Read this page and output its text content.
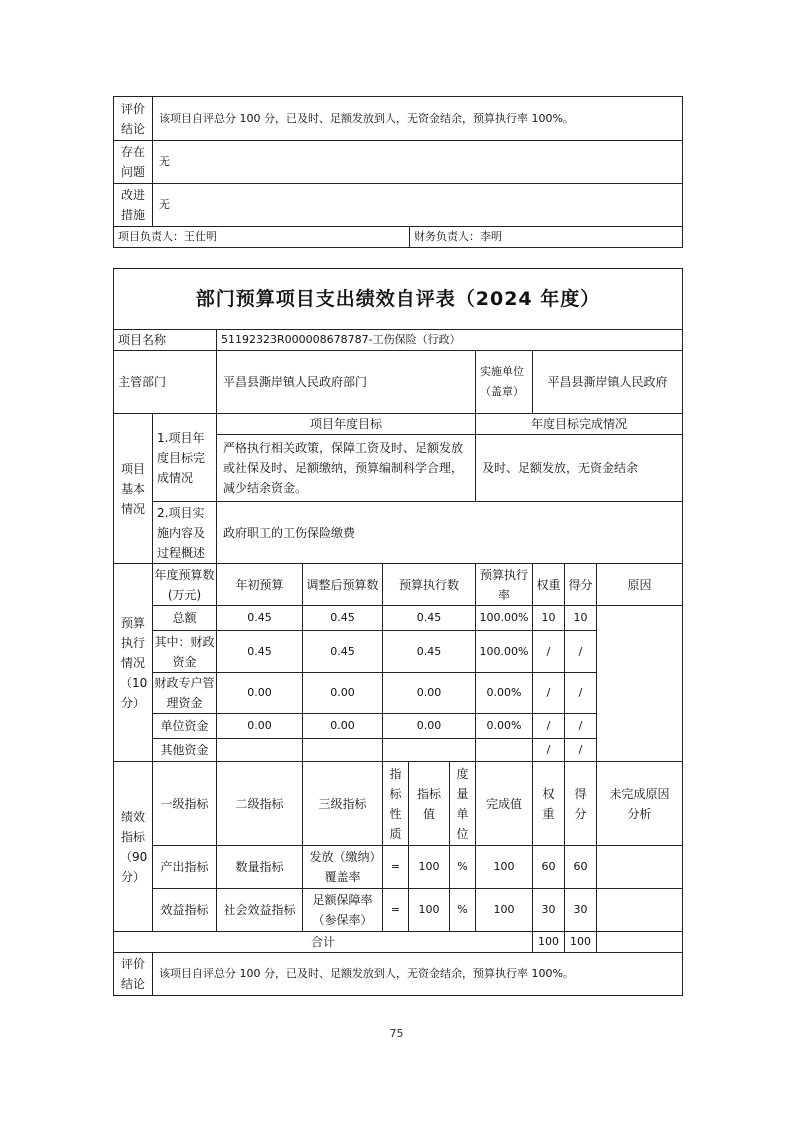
评价结论	该项目自评总分 100 分，已及时、足额发放到人，无资金结余，预算执行率 100%。	
存在问题	无	
改进措施	无	
项目负责人：王仕明		财务负责人：李明
部门预算项目支出绩效自评表（2024 年度）										
项目名称		51192323R000008678787-工伤保险（行政）								
主管部门		平昌县澌岸镇人民政府部门					实施单位（盖章）	平昌县澌岸镇人民政府		
项目基本情况	1.项目年度目标完成情况	项目年度目标					年度目标完成情况			
		严格执行相关政策，保障工资及时、足额发放或社保及时、足额缴纳，预算编制科学合理，减少结余资金。					及时、足额发放，无资金结余			
	2.项目实施内容及过程概述	政府职工的工伤保险缴费								

预算执行情况（10分）	年度预算数(万元)	年初预算	调整后预算数	预算执行数			预算执行率	权重	得分	原因
	总额	0.45	0.45	0.45			100.00%	10	10	
	其中：财政资金	0.45	0.45	0.45			100.00%	/	/	
	财政专户管理资金	0.00	0.00	0.00			0.00%	/	/	
	单位资金	0.00	0.00	0.00			0.00%	/	/	
	其他资金							/	/	
绩效指标（90分）	一级指标	二级指标	三级指标	指标性质	指标值	度量单位	完成值	权重	得分	未完成原因分析
	产出指标	数量指标	发放（缴纳）覆盖率	=	100	%	100	60	60	
	效益指标	社会效益指标	足额保障率（参保率）	=	100	%	100	30	30	
合计								100	100	
评价结论	该项目自评总分 100 分，已及时、足额发放到人，无资金结余，预算执行率 100%。									
75
